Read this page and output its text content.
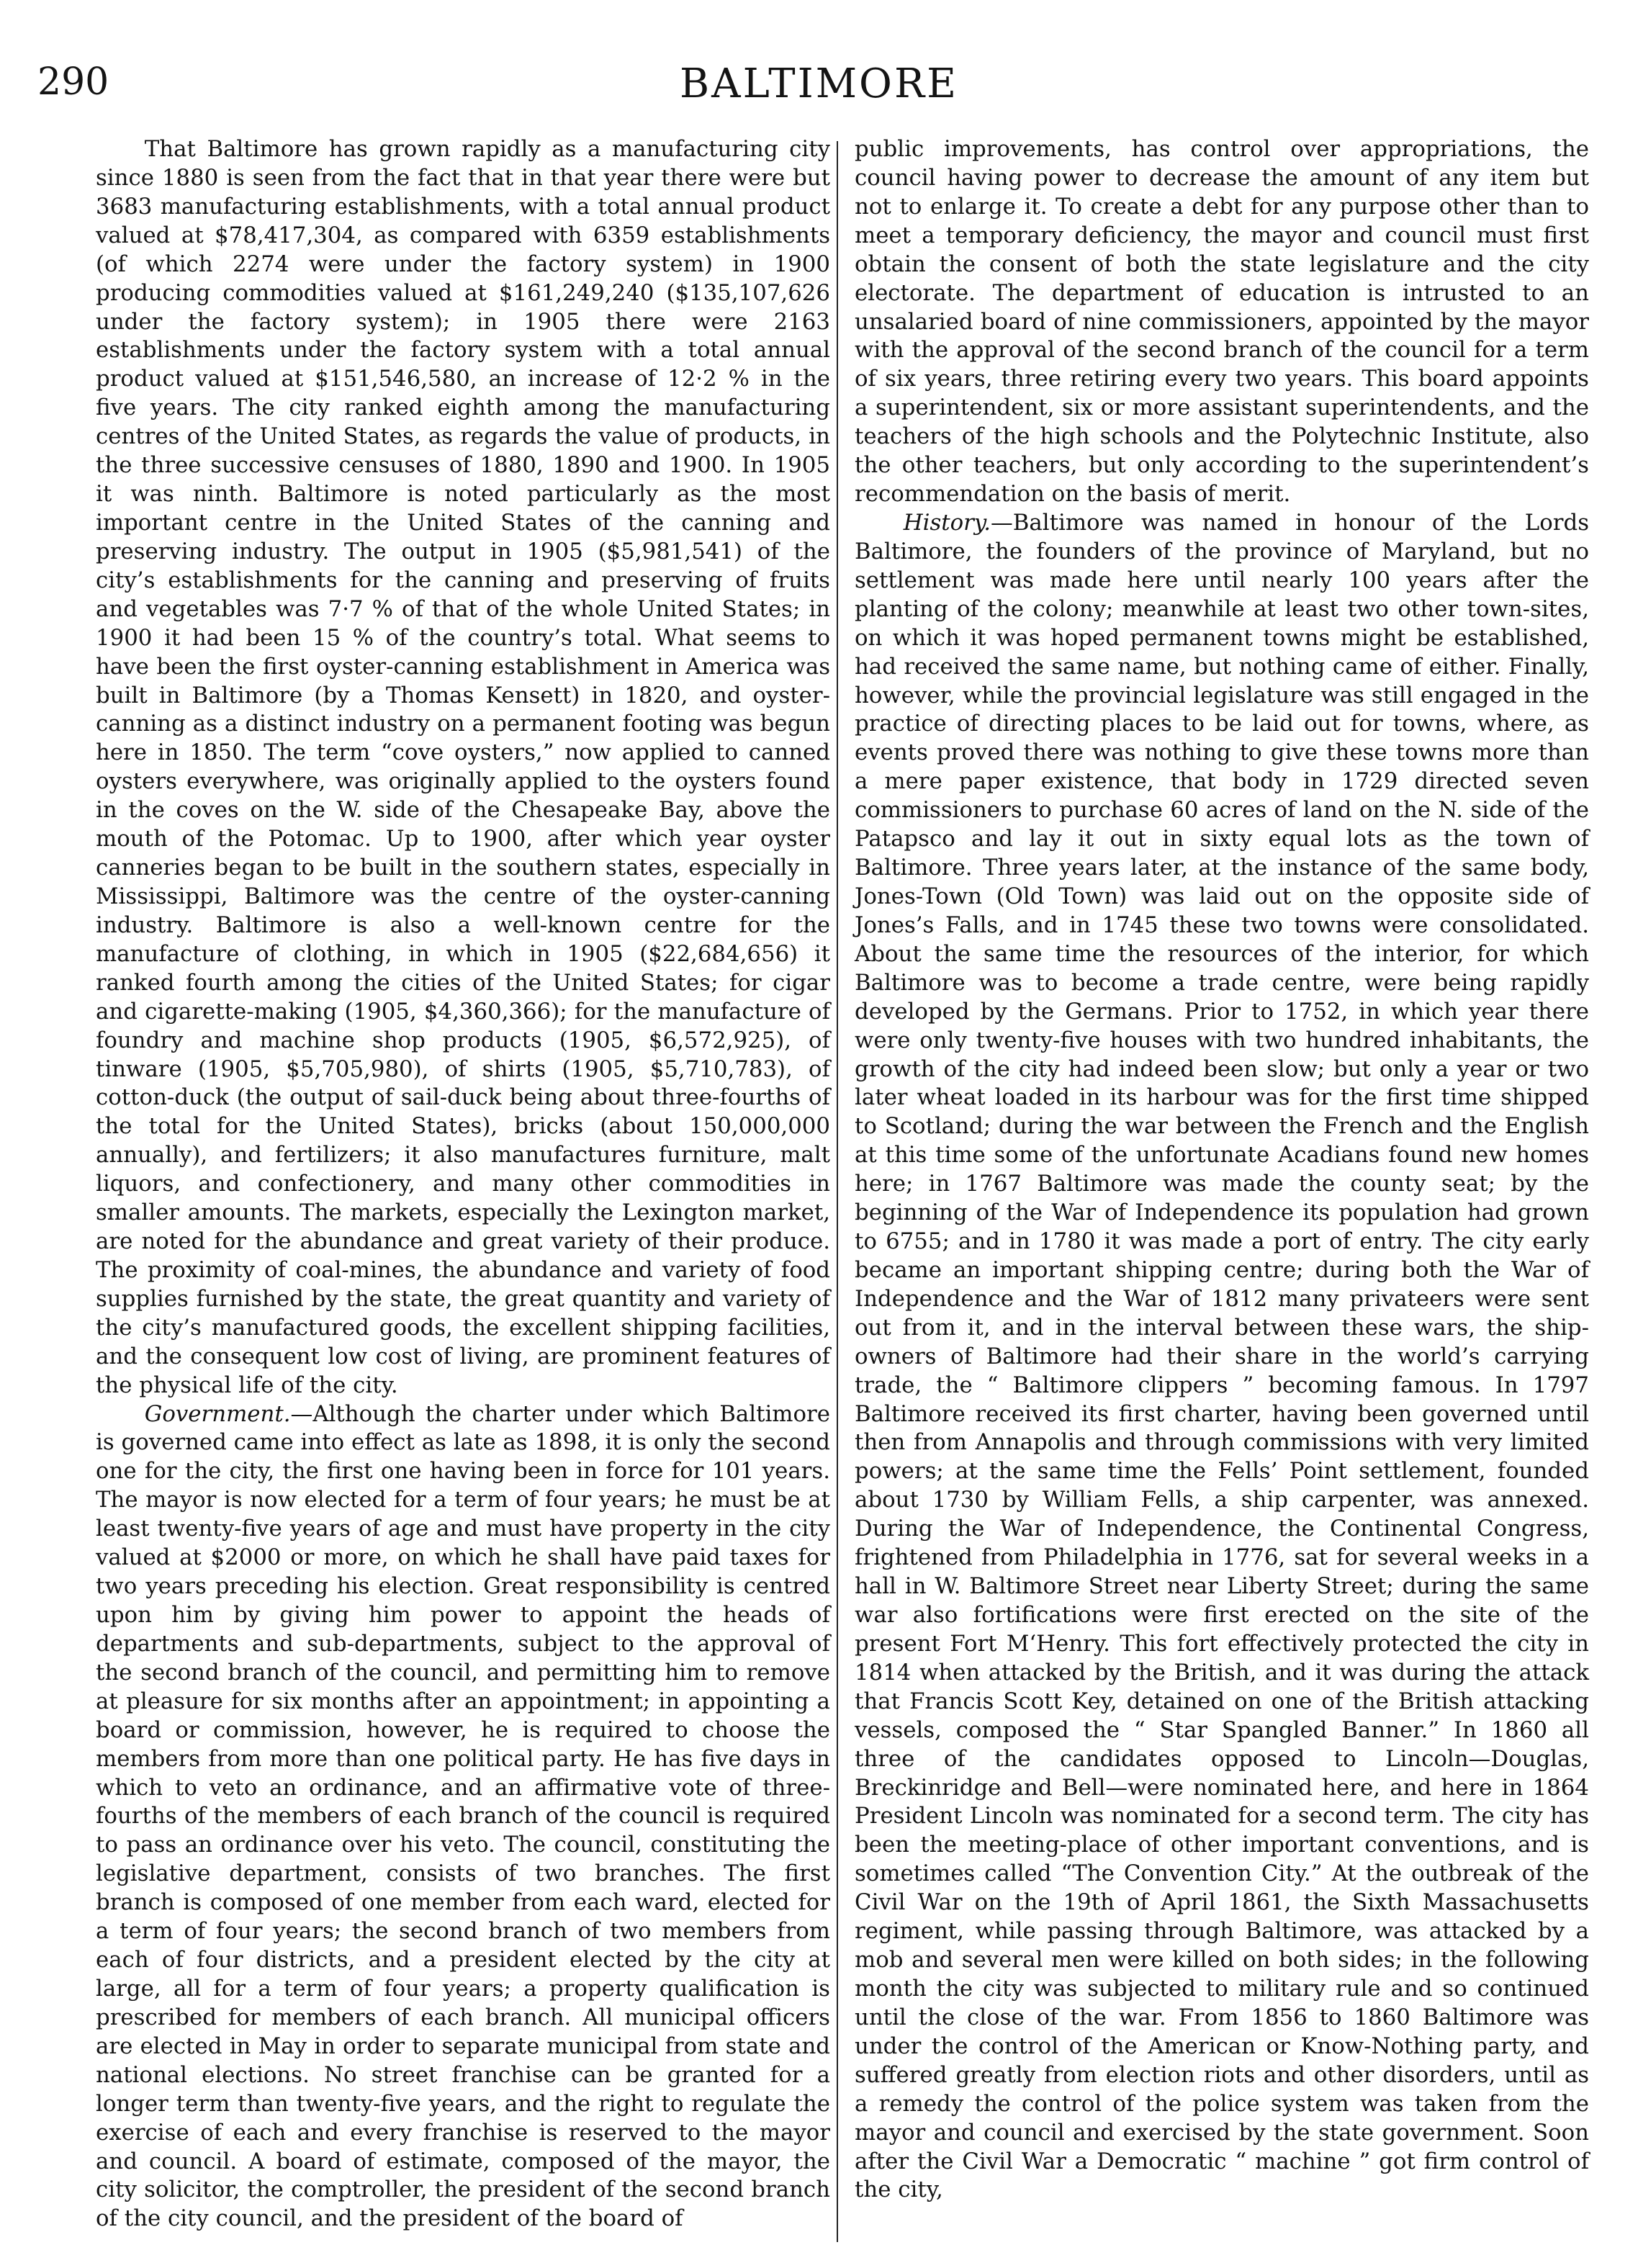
290	BALTIMORE

That Baltimore has grown rapidly as a manufacturing city since 1880 is seen from the fact that in that year there were but 3683 manufacturing establishments, with a total annual product valued at $78,417,304, as compared with 6359 establishments (of which 2274 were under the factory system) in 1900 producing commodities valued at $161,249,240 ($135,107,626 under the factory system); in 1905 there were 2163 establishments under the factory system with a total annual product valued at $151,546,580, an increase of 12·2 % in the five years. The city ranked eighth among the manufacturing centres of the United States, as regards the value of products, in the three successive censuses of 1880, 1890 and 1900. In 1905 it was ninth. Baltimore is noted particularly as the most important centre in the United States of the canning and preserving industry. The output in 1905 ($5,981,541) of the city’s establishments for the canning and preserving of fruits and vegetables was 7·7 % of that of the whole United States; in 1900 it had been 15 % of the country’s total. What seems to have been the first oyster-canning establishment in America was built in Baltimore (by a Thomas Kensett) in 1820, and oyster-canning as a distinct industry on a permanent footing was begun here in 1850. The term “cove oysters,” now applied to canned oysters everywhere, was originally applied to the oysters found in the coves on the W. side of the Chesapeake Bay, above the mouth of the Potomac. Up to 1900, after which year oyster canneries began to be built in the southern states, especially in Mississippi, Baltimore was the centre of the oyster-canning industry. Baltimore is also a well-known centre for the manufacture of clothing, in which in 1905 ($22,684,656) it ranked fourth among the cities of the United States; for cigar and cigarette-making (1905, $4,360,366); for the manufacture of foundry and machine shop products (1905, $6,572,925), of tinware (1905, $5,705,980), of shirts (1905, $5,710,783), of cotton-duck (the output of sail-duck being about three-fourths of the total for the United States), bricks (about 150,000,000 annually), and fertilizers; it also manufactures furniture, malt liquors, and confectionery, and many other commodities in smaller amounts. The markets, especially the Lexington market, are noted for the abundance and great variety of their produce. The proximity of coal-mines, the abundance and variety of food supplies furnished by the state, the great quantity and variety of the city’s manufactured goods, the excellent shipping facilities, and the consequent low cost of living, are prominent features of the physical life of the city.

Government.—Although the charter under which Baltimore is governed came into effect as late as 1898, it is only the second one for the city, the first one having been in force for 101 years. The mayor is now elected for a term of four years; he must be at least twenty-five years of age and must have property in the city valued at $2000 or more, on which he shall have paid taxes for two years preceding his election. Great responsibility is centred upon him by giving him power to appoint the heads of departments and sub-departments, subject to the approval of the second branch of the council, and permitting him to remove at pleasure for six months after an appointment; in appointing a board or commission, however, he is required to choose the members from more than one political party. He has five days in which to veto an ordinance, and an affirmative vote of three-fourths of the members of each branch of the council is required to pass an ordinance over his veto. The council, constituting the legislative department, consists of two branches. The first branch is composed of one member from each ward, elected for a term of four years; the second branch of two members from each of four districts, and a president elected by the city at large, all for a term of four years; a property qualification is prescribed for members of each branch. All municipal officers are elected in May in order to separate municipal from state and national elections. No street franchise can be granted for a longer term than twenty-five years, and the right to regulate the exercise of each and every franchise is reserved to the mayor and council. A board of estimate, composed of the mayor, the city solicitor, the comptroller, the president of the second branch of the city council, and the president of the board of

public improvements, has control over appropriations, the council having power to decrease the amount of any item but not to enlarge it. To create a debt for any purpose other than to meet a temporary deficiency, the mayor and council must first obtain the consent of both the state legislature and the city electorate. The department of education is intrusted to an unsalaried board of nine commissioners, appointed by the mayor with the approval of the second branch of the council for a term of six years, three retiring every two years. This board appoints a superintendent, six or more assistant superintendents, and the teachers of the high schools and the Polytechnic Institute, also the other teachers, but only according to the superintendent’s recommendation on the basis of merit.

History.—Baltimore was named in honour of the Lords Baltimore, the founders of the province of Maryland, but no settlement was made here until nearly 100 years after the planting of the colony; meanwhile at least two other town-sites, on which it was hoped permanent towns might be established, had received the same name, but nothing came of either. Finally, however, while the provincial legislature was still engaged in the practice of directing places to be laid out for towns, where, as events proved there was nothing to give these towns more than a mere paper existence, that body in 1729 directed seven commissioners to purchase 60 acres of land on the N. side of the Patapsco and lay it out in sixty equal lots as the town of Baltimore. Three years later, at the instance of the same body, Jones-Town (Old Town) was laid out on the opposite side of Jones’s Falls, and in 1745 these two towns were consolidated. About the same time the resources of the interior, for which Baltimore was to become a trade centre, were being rapidly developed by the Germans. Prior to 1752, in which year there were only twenty-five houses with two hundred inhabitants, the growth of the city had indeed been slow; but only a year or two later wheat loaded in its harbour was for the first time shipped to Scotland; during the war between the French and the English at this time some of the unfortunate Acadians found new homes here; in 1767 Baltimore was made the county seat; by the beginning of the War of Independence its population had grown to 6755; and in 1780 it was made a port of entry. The city early became an important shipping centre; during both the War of Independence and the War of 1812 many privateers were sent out from it, and in the interval between these wars, the ship-owners of Baltimore had their share in the world’s carrying trade, the “ Baltimore clippers ” becoming famous. In 1797 Baltimore received its first charter, having been governed until then from Annapolis and through commissions with very limited powers; at the same time the Fells’ Point settlement, founded about 1730 by William Fells, a ship carpenter, was annexed. During the War of Independence, the Continental Congress, frightened from Philadelphia in 1776, sat for several weeks in a hall in W. Baltimore Street near Liberty Street; during the same war also fortifications were first erected on the site of the present Fort M‘Henry. This fort effectively protected the city in 1814 when attacked by the British, and it was during the attack that Francis Scott Key, detained on one of the British attacking vessels, composed the “ Star Spangled Banner.” In 1860 all three of the candidates opposed to Lincoln—Douglas, Breckinridge and Bell—were nominated here, and here in 1864 President Lincoln was nominated for a second term. The city has been the meeting-place of other important conventions, and is sometimes called “The Convention City.” At the outbreak of the Civil War on the 19th of April 1861, the Sixth Massachusetts regiment, while passing through Baltimore, was attacked by a mob and several men were killed on both sides; in the following month the city was subjected to military rule and so continued until the close of the war. From 1856 to 1860 Baltimore was under the control of the American or Know-Nothing party, and suffered greatly from election riots and other disorders, until as a remedy the control of the police system was taken from the mayor and council and exercised by the state government. Soon after the Civil War a Democratic “ machine ” got firm control of the city,
